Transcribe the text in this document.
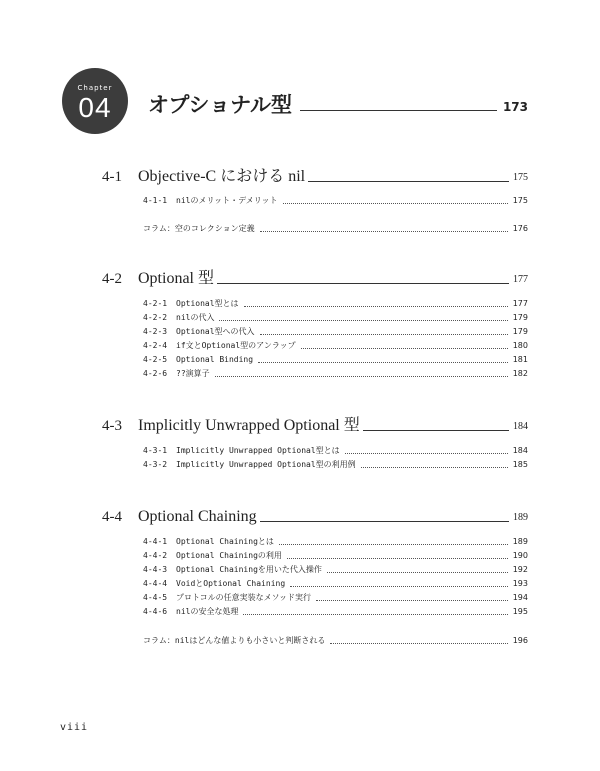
Chapter
04	オプショナル型	173
4-1	Objective-C における nil	175
4-1-1	nilのメリット・デメリット	175
コラム：空のコレクション定義	176
4-2	Optional 型	177
4-2-1	Optional型とは	177
4-2-2	nilの代入	179
4-2-3	Optional型への代入	179
4-2-4	if文とOptional型のアンラップ	180
4-2-5	Optional Binding	181
4-2-6	??演算子	182
4-3	Implicitly Unwrapped Optional 型	184
4-3-1	Implicitly Unwrapped Optional型とは	184
4-3-2	Implicitly Unwrapped Optional型の利用例	185
4-4	Optional Chaining	189
4-4-1	Optional Chainingとは	189
4-4-2	Optional Chainingの利用	190
4-4-3	Optional Chainingを用いた代入操作	192
4-4-4	VoidとOptional Chaining	193
4-4-5	プロトコルの任意実装なメソッド実行	194
4-4-6	nilの安全な処理	195
コラム：nilはどんな値よりも小さいと判断される	196
viii
